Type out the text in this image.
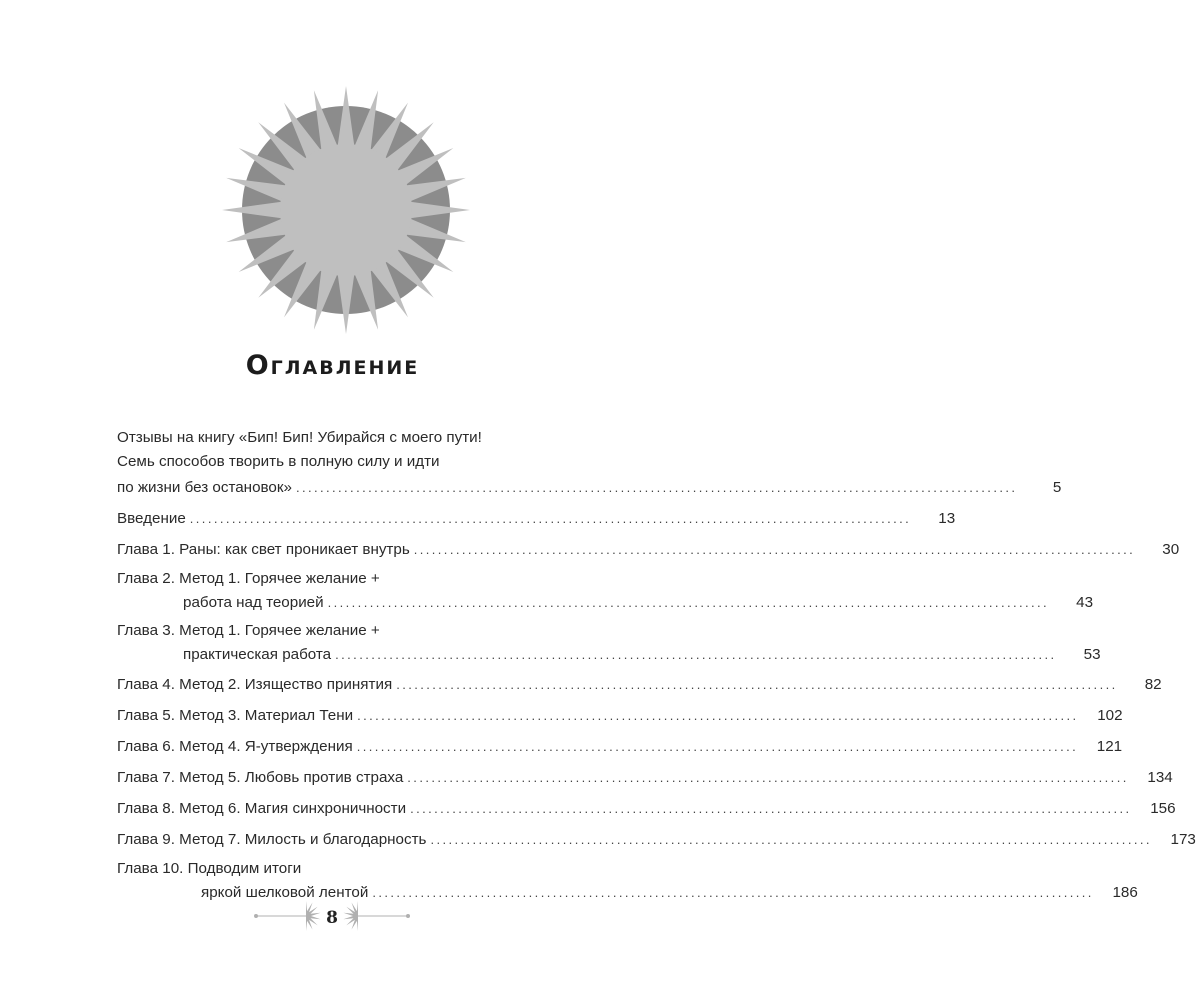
Оглавление
Отзывы на книгу «Бип! Бип! Убирайся с моего пути!
Семь способов творить в полную силу и идти
по жизни без остановок» ........................................................................................................................	5
Введение ........................................................................................................................	13
Глава 1. Раны: как свет проникает внутрь ........................................................................................................................	30
Глава 2. Метод 1. Горячее желание +
работа над теорией ........................................................................................................................	43
Глава 3. Метод 1. Горячее желание +
практическая работа ........................................................................................................................	53
Глава 4. Метод 2. Изящество принятия ........................................................................................................................	82
Глава 5. Метод 3. Материал Тени ........................................................................................................................	102
Глава 6. Метод 4. Я-утверждения ........................................................................................................................	121
Глава 7. Метод 5. Любовь против страха ........................................................................................................................	134
Глава 8. Метод 6. Магия синхроничности ........................................................................................................................	156
Глава 9. Метод 7. Милость и благодарность ........................................................................................................................	173
Глава 10. Подводим итоги
яркой шелковой лентой ........................................................................................................................	186
8
